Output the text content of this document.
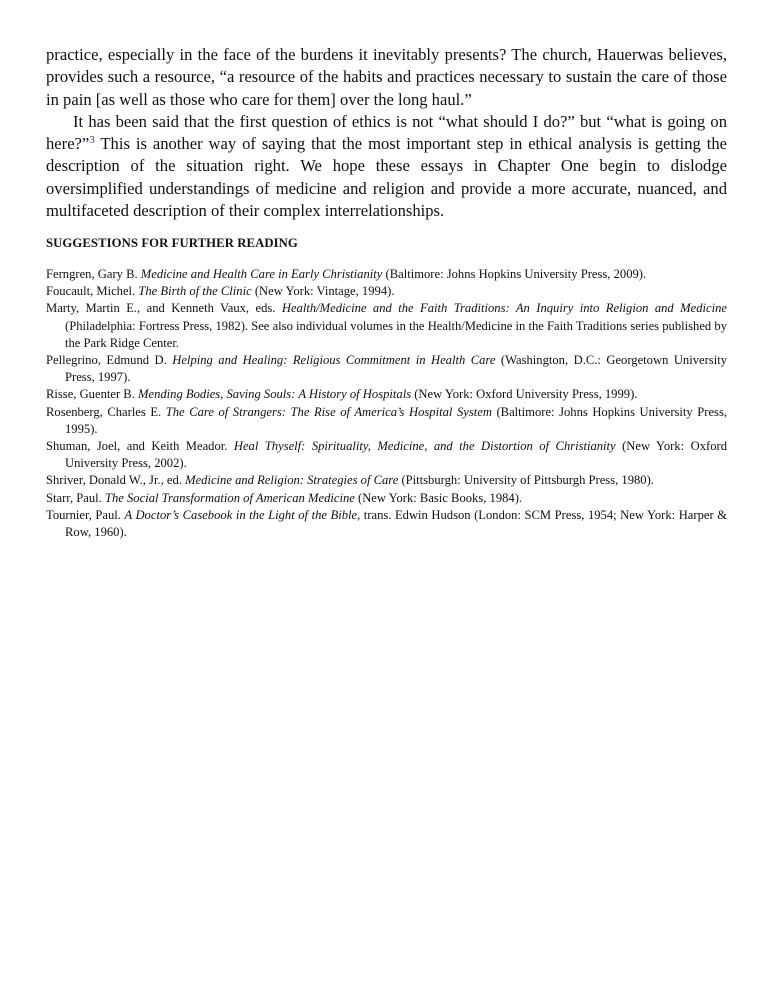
practice, especially in the face of the burdens it inevitably presents? The church, Hauerwas believes, provides such a resource, “a resource of the habits and practices necessary to sustain the care of those in pain [as well as those who care for them] over the long haul.”

It has been said that the first question of ethics is not “what should I do?” but “what is going on here?”$^3$ This is another way of saying that the most important step in ethical analysis is getting the description of the situation right. We hope these essays in Chapter One begin to dislodge oversimplified understandings of medicine and religion and provide a more accurate, nuanced, and multifaceted description of their complex interrelationships.

SUGGESTIONS FOR FURTHER READING

Ferngren, Gary B. Medicine and Health Care in Early Christianity (Baltimore: Johns Hopkins University Press, 2009).

Foucault, Michel. The Birth of the Clinic (New York: Vintage, 1994).

Marty, Martin E., and Kenneth Vaux, eds. Health/Medicine and the Faith Traditions: An Inquiry into Religion and Medicine (Philadelphia: Fortress Press, 1982). See also individual volumes in the Health/Medicine in the Faith Traditions series published by the Park Ridge Center.

Pellegrino, Edmund D. Helping and Healing: Religious Commitment in Health Care (Washington, D.C.: Georgetown University Press, 1997).

Risse, Guenter B. Mending Bodies, Saving Souls: A History of Hospitals (New York: Oxford University Press, 1999).

Rosenberg, Charles E. The Care of Strangers: The Rise of America’s Hospital System (Baltimore: Johns Hopkins University Press, 1995).

Shuman, Joel, and Keith Meador. Heal Thyself: Spirituality, Medicine, and the Distortion of Christianity (New York: Oxford University Press, 2002).

Shriver, Donald W., Jr., ed. Medicine and Religion: Strategies of Care (Pittsburgh: University of Pittsburgh Press, 1980).

Starr, Paul. The Social Transformation of American Medicine (New York: Basic Books, 1984).

Tournier, Paul. A Doctor’s Casebook in the Light of the Bible, trans. Edwin Hudson (London: SCM Press, 1954; New York: Harper & Row, 1960).
